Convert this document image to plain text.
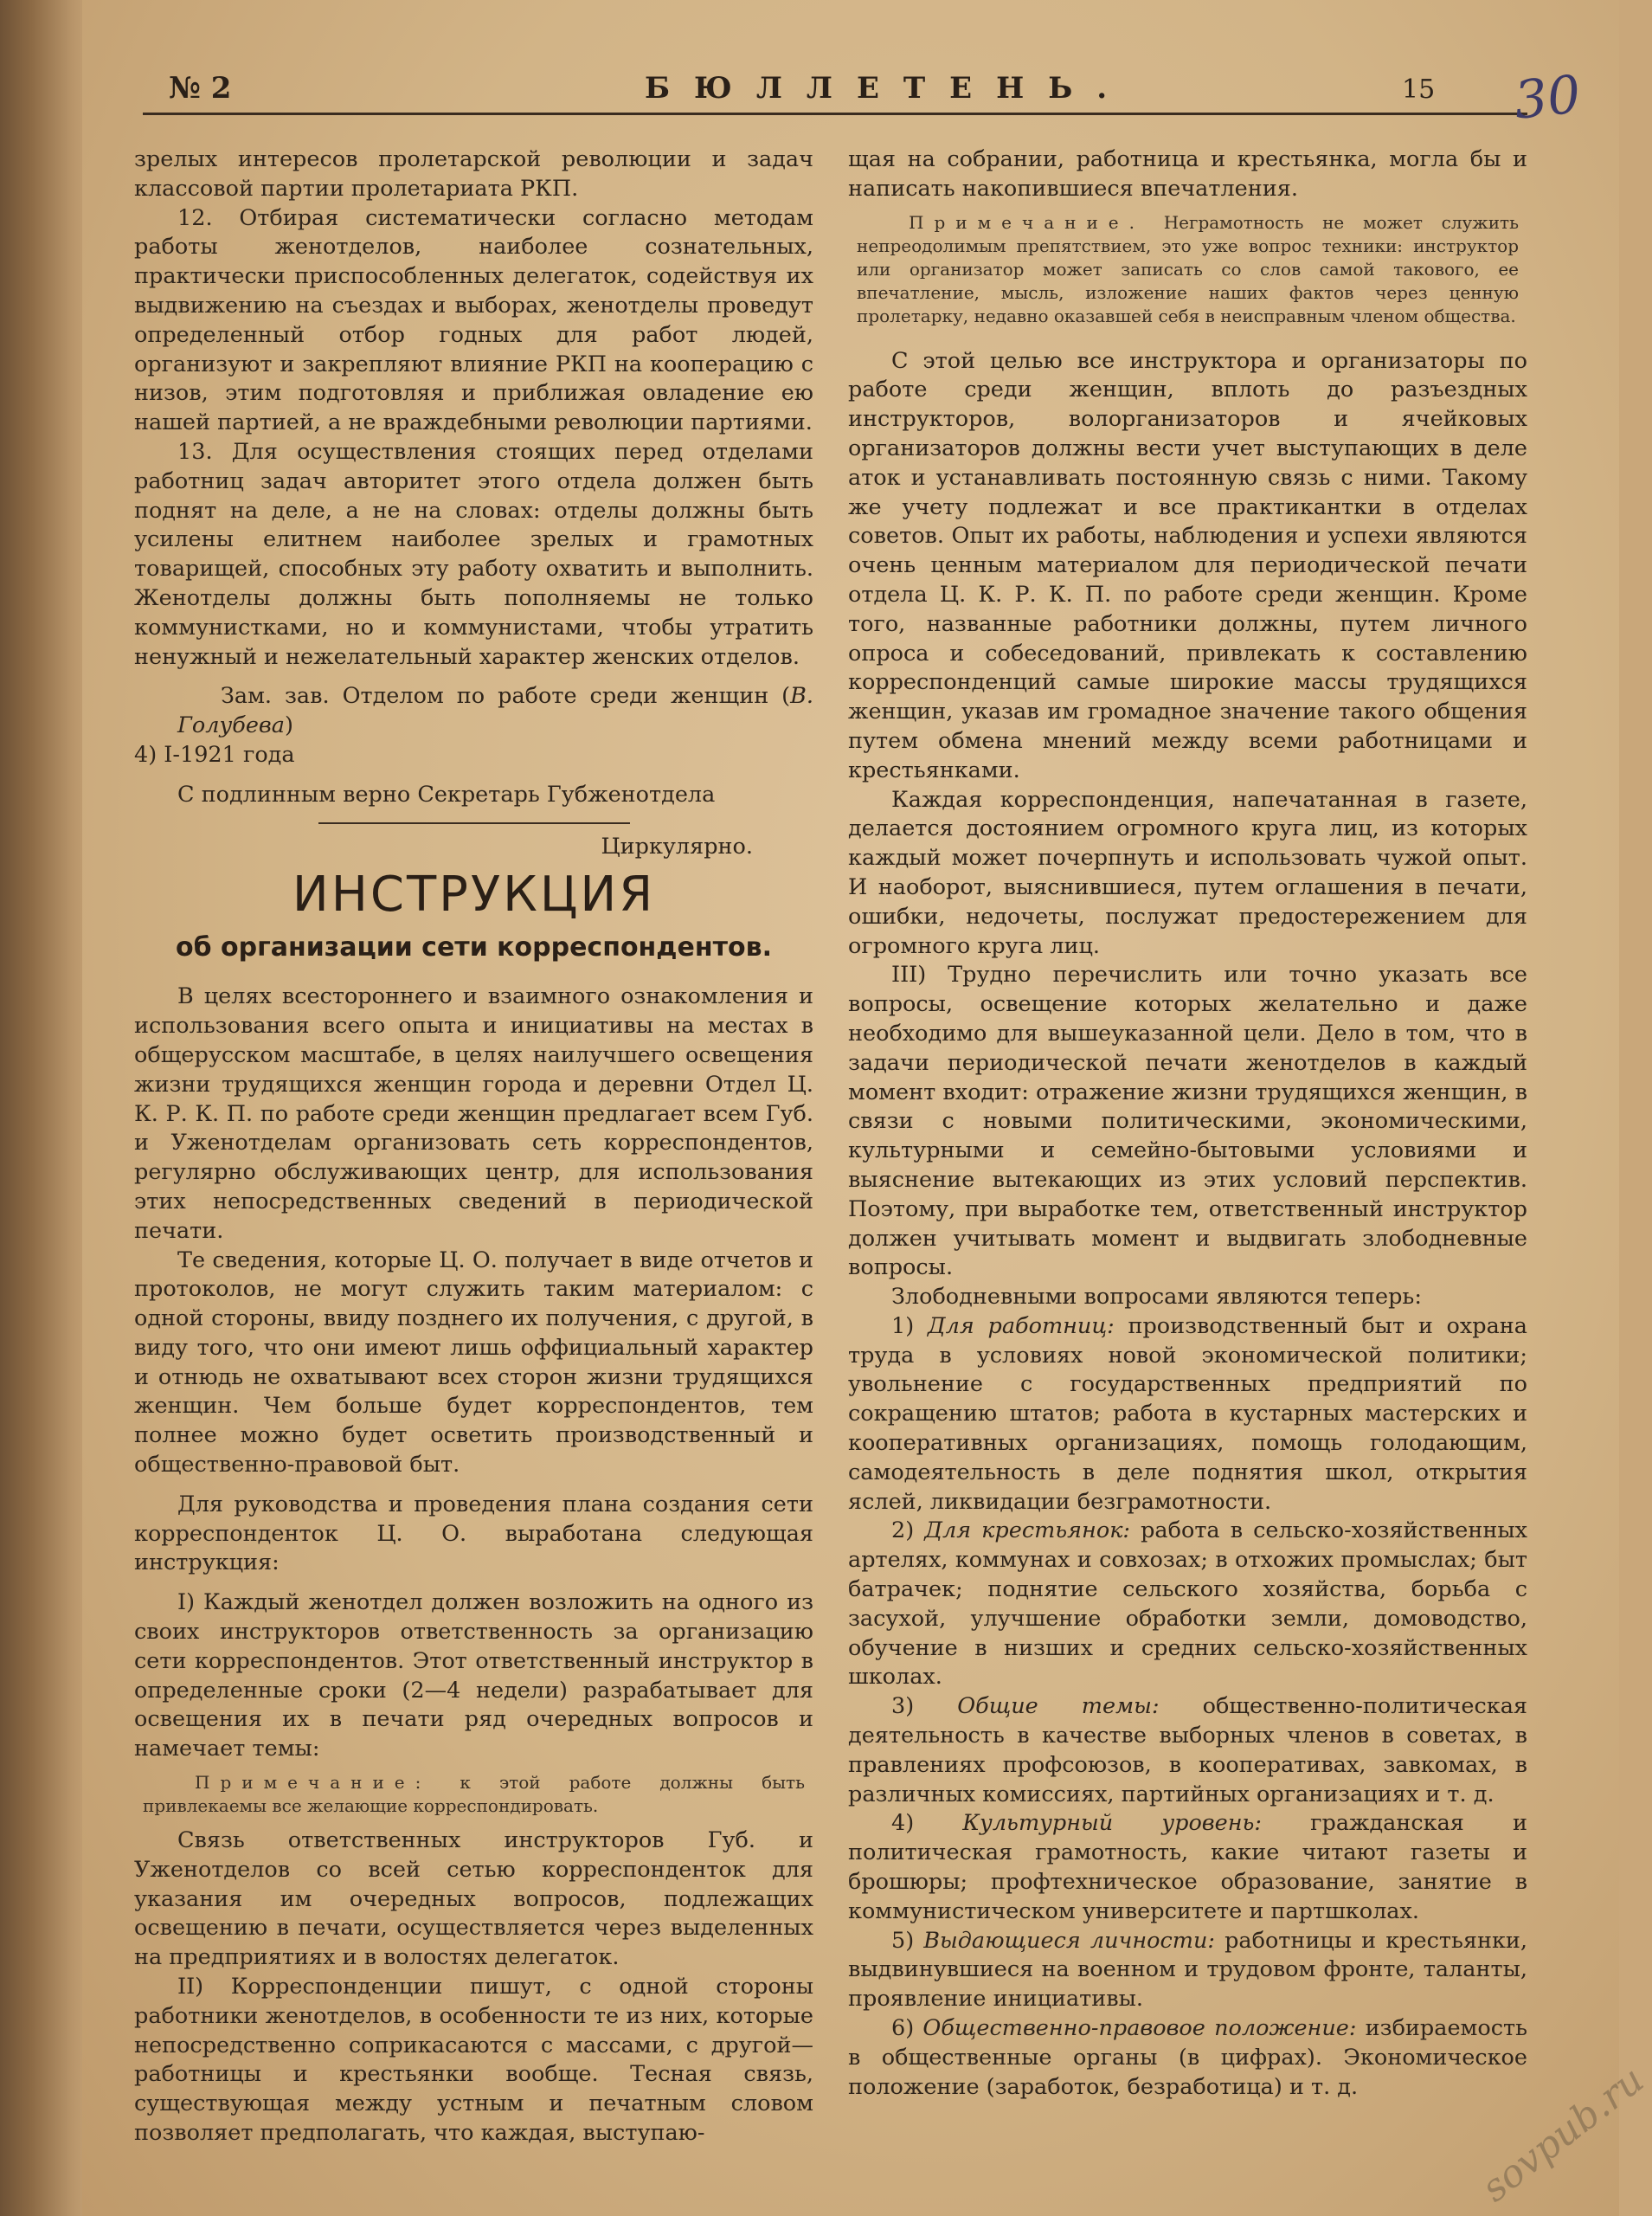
№ 2	БЮЛЛЕТЕНЬ.	15 30

зрелых интересов пролетарской революции и задач классовой партии пролетариата РКП.

12. Отбирая систематически согласно методам работы женотделов, наиболее сознательных, практически приспособленных делегаток, содействуя их выдвижению на съездах и выборах, женотделы проведут определенный отбор годных для работ людей, организуют и закрепляют влияние РКП на кооперацию с низов, этим подготовляя и приближая овладение ею нашей партией, а не враждебными революции партиями.

13. Для осуществления стоящих перед отделами работниц задач авторитет этого отдела должен быть поднят на деле, а не на словах: отделы должны быть усилены елитнем наиболее зрелых и грамотных товарищей, способных эту работу охватить и выполнить. Женотделы должны быть пополняемы не только коммунистками, но и коммунистами, чтобы утратить ненужный и нежелательный характер женских отделов.

Зам. зав. Отделом по работе среди женщин (В. Голубева)

4) I-1921 года

С подлинным верно Секретарь Губженотдела

Циркулярно.

ИНСТРУКЦИЯ
об организации сети корреспондентов.

В целях всестороннего и взаимного ознакомления и использования всего опыта и инициативы на местах в общерусском масштабе, в целях наилучшего освещения жизни трудящихся женщин города и деревни Отдел Ц. К. Р. К. П. по работе среди женщин предлагает всем Губ. и Уженотделам организовать сеть корреспондентов, регулярно обслуживающих центр, для использования этих непосредственных сведений в периодической печати.

Те сведения, которые Ц. О. получает в виде отчетов и протоколов, не могут служить таким материалом: с одной стороны, ввиду позднего их получения, с другой, в виду того, что они имеют лишь оффициальный характер и отнюдь не охватывают всех сторон жизни трудящихся женщин. Чем больше будет корреспондентов, тем полнее можно будет осветить производственный и общественно-правовой быт.

Для руководства и проведения плана создания сети корреспонденток Ц. О. выработана следующая инструкция:

I) Каждый женотдел должен возложить на одного из своих инструкторов ответственность за организацию сети корреспондентов. Этот ответственный инструктор в определенные сроки (2—4 недели) разрабатывает для освещения их в печати ряд очередных вопросов и намечает темы:

Примечание: к этой работе должны быть привлекаемы все желающие корреспондировать.

Связь ответственных инструкторов Губ. и Уженотделов со всей сетью корреспонденток для указания им очередных вопросов, подлежащих освещению в печати, осуществляется через выделенных на предприятиях и в волостях делегаток.

II) Корреспонденции пишут, с одной стороны работники женотделов, в особенности те из них, которые непосредственно соприкасаются с массами, с другой—работницы и крестьянки вообще. Тесная связь, существующая между устным и печатным словом позволяет предполагать, что каждая, выступаю-

щая на собрании, работница и крестьянка, могла бы и написать накопившиеся впечатления.

Примечание. Неграмотность не может служить непреодолимым препятствием, это уже вопрос техники: инструктор или организатор может записать со слов самой такового, ее впечатление, мысль, изложение наших фактов через ценную пролетарку, недавно оказавшей себя в неисправным членом общества.

С этой целью все инструктора и организаторы по работе среди женщин, вплоть до разъездных инструкторов, волорганизаторов и ячейковых организаторов должны вести учет выступающих в деле аток и устанавливать постоянную связь с ними. Такому же учету подлежат и все практикантки в отделах советов. Опыт их работы, наблюдения и успехи являются очень ценным материалом для периодической печати отдела Ц. К. Р. К. П. по работе среди женщин. Кроме того, названные работники должны, путем личного опроса и собеседований, привлекать к составлению корреспонденций самые широкие массы трудящихся женщин, указав им громадное значение такого общения путем обмена мнений между всеми работницами и крестьянками.

Каждая корреспонденция, напечатанная в газете, делается достоянием огромного круга лиц, из которых каждый может почерпнуть и использовать чужой опыт. И наоборот, выяснившиеся, путем оглашения в печати, ошибки, недочеты, послужат предостережением для огромного круга лиц.

III) Трудно перечислить или точно указать все вопросы, освещение которых желательно и даже необходимо для вышеуказанной цели. Дело в том, что в задачи периодической печати женотделов в каждый момент входит: отражение жизни трудящихся женщин, в связи с новыми политическими, экономическими, культурными и семейно-бытовыми условиями и выяснение вытекающих из этих условий перспектив. Поэтому, при выработке тем, ответственный инструктор должен учитывать момент и выдвигать злободневные вопросы.

Злободневными вопросами являются теперь:

1) Для работниц: производственный быт и охрана труда в условиях новой экономической политики; увольнение с государственных предприятий по сокращению штатов; работа в кустарных мастерских и кооперативных организациях, помощь голодающим, самодеятельность в деле поднятия школ, открытия яслей, ликвидации безграмотности.

2) Для крестьянок: работа в сельско-хозяйственных артелях, коммунах и совхозах; в отхожих промыслах; быт батрачек; поднятие сельского хозяйства, борьба с засухой, улучшение обработки земли, домоводство, обучение в низших и средних сельско-хозяйственных школах.

3) Общие темы: общественно-политическая деятельность в качестве выборных членов в советах, в правлениях профсоюзов, в кооперативах, завкомах, в различных комиссиях, партийных организациях и т. д.

4) Культурный уровень: гражданская и политическая грамотность, какие читают газеты и брошюры; профтехническое образование, занятие в коммунистическом университете и партшколах.

5) Выдающиеся личности: работницы и крестьянки, выдвинувшиеся на военном и трудовом фронте, таланты, проявление инициативы.

6) Общественно-правовое положение: избираемость в общественные органы (в цифрах). Экономическое положение (заработок, безработица) и т. д.	sovpub.ru
